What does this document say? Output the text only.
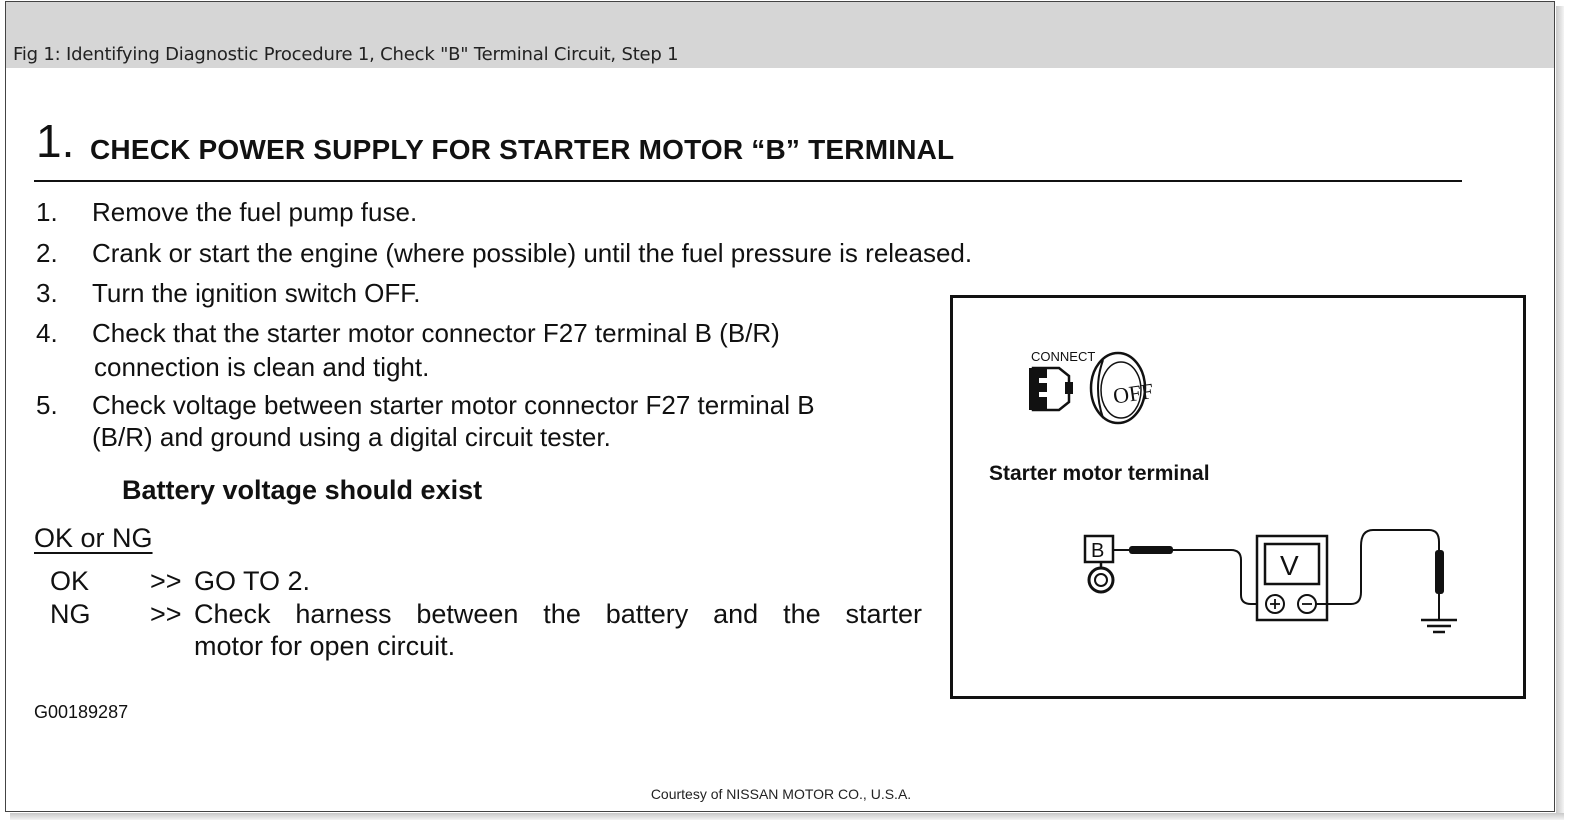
Fig 1: Identifying Diagnostic Procedure 1, Check "B" Terminal Circuit, Step 1
1. CHECK POWER SUPPLY FOR STARTER MOTOR “B” TERMINAL
1. Remove the fuel pump fuse.
2. Crank or start the engine (where possible) until the fuel pressure is released.
3. Turn the ignition switch OFF.
4. Check that the starter motor connector F27 terminal B (B/R)
connection is clean and tight.
5. Check voltage between starter motor connector F27 terminal B
(B/R) and ground using a digital circuit tester.
Battery voltage should exist
OK or NG
OK >> GO TO 2.
NG >> Check harness between the battery and the starter
motor for open circuit.
G00189287
Courtesy of NISSAN MOTOR CO., U.S.A.
CONNECT
OFF
B	V
Starter motor terminal
